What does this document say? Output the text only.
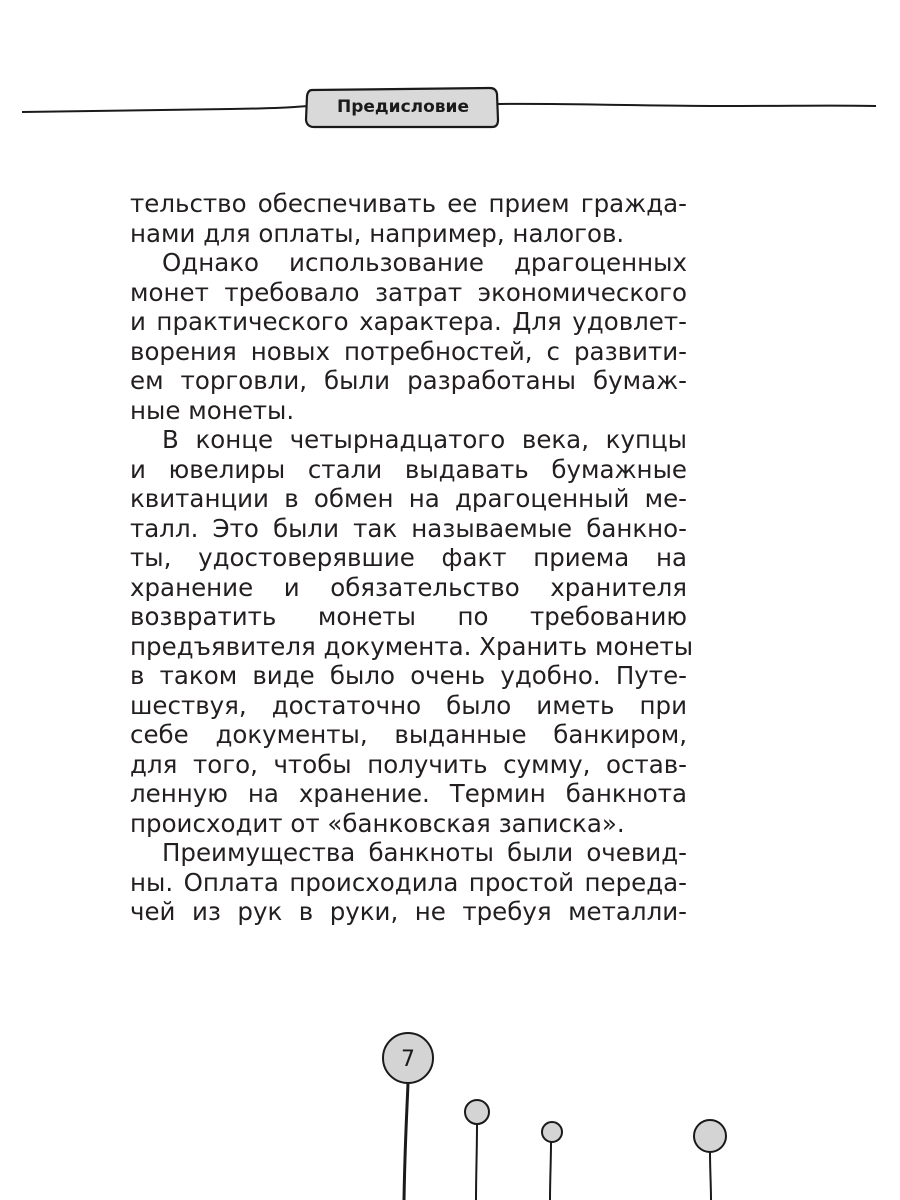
Предисловие
тельство обеспечивать ее прием гражда-
нами для оплаты, например, налогов.
Однако использование драгоценных
монет требовало затрат экономического
и практического характера. Для удовлет-
ворения новых потребностей, с развити-
ем торговли, были разработаны бумаж-
ные монеты.
В конце четырнадцатого века, купцы
и ювелиры стали выдавать бумажные
квитанции в обмен на драгоценный ме-
талл. Это были так называемые банкно-
ты, удостоверявшие факт приема на
хранение и обязательство хранителя
возвратить монеты по требованию
предъявителя документа. Хранить монеты
в таком виде было очень удобно. Путе-
шествуя, достаточно было иметь при
себе документы, выданные банкиром,
для того, чтобы получить сумму, остав-
ленную на хранение. Термин банкнота
происходит от «банковская записка».
Преимущества банкноты были очевид-
ны. Оплата происходила простой переда-
чей из рук в руки, не требуя металли-
7
